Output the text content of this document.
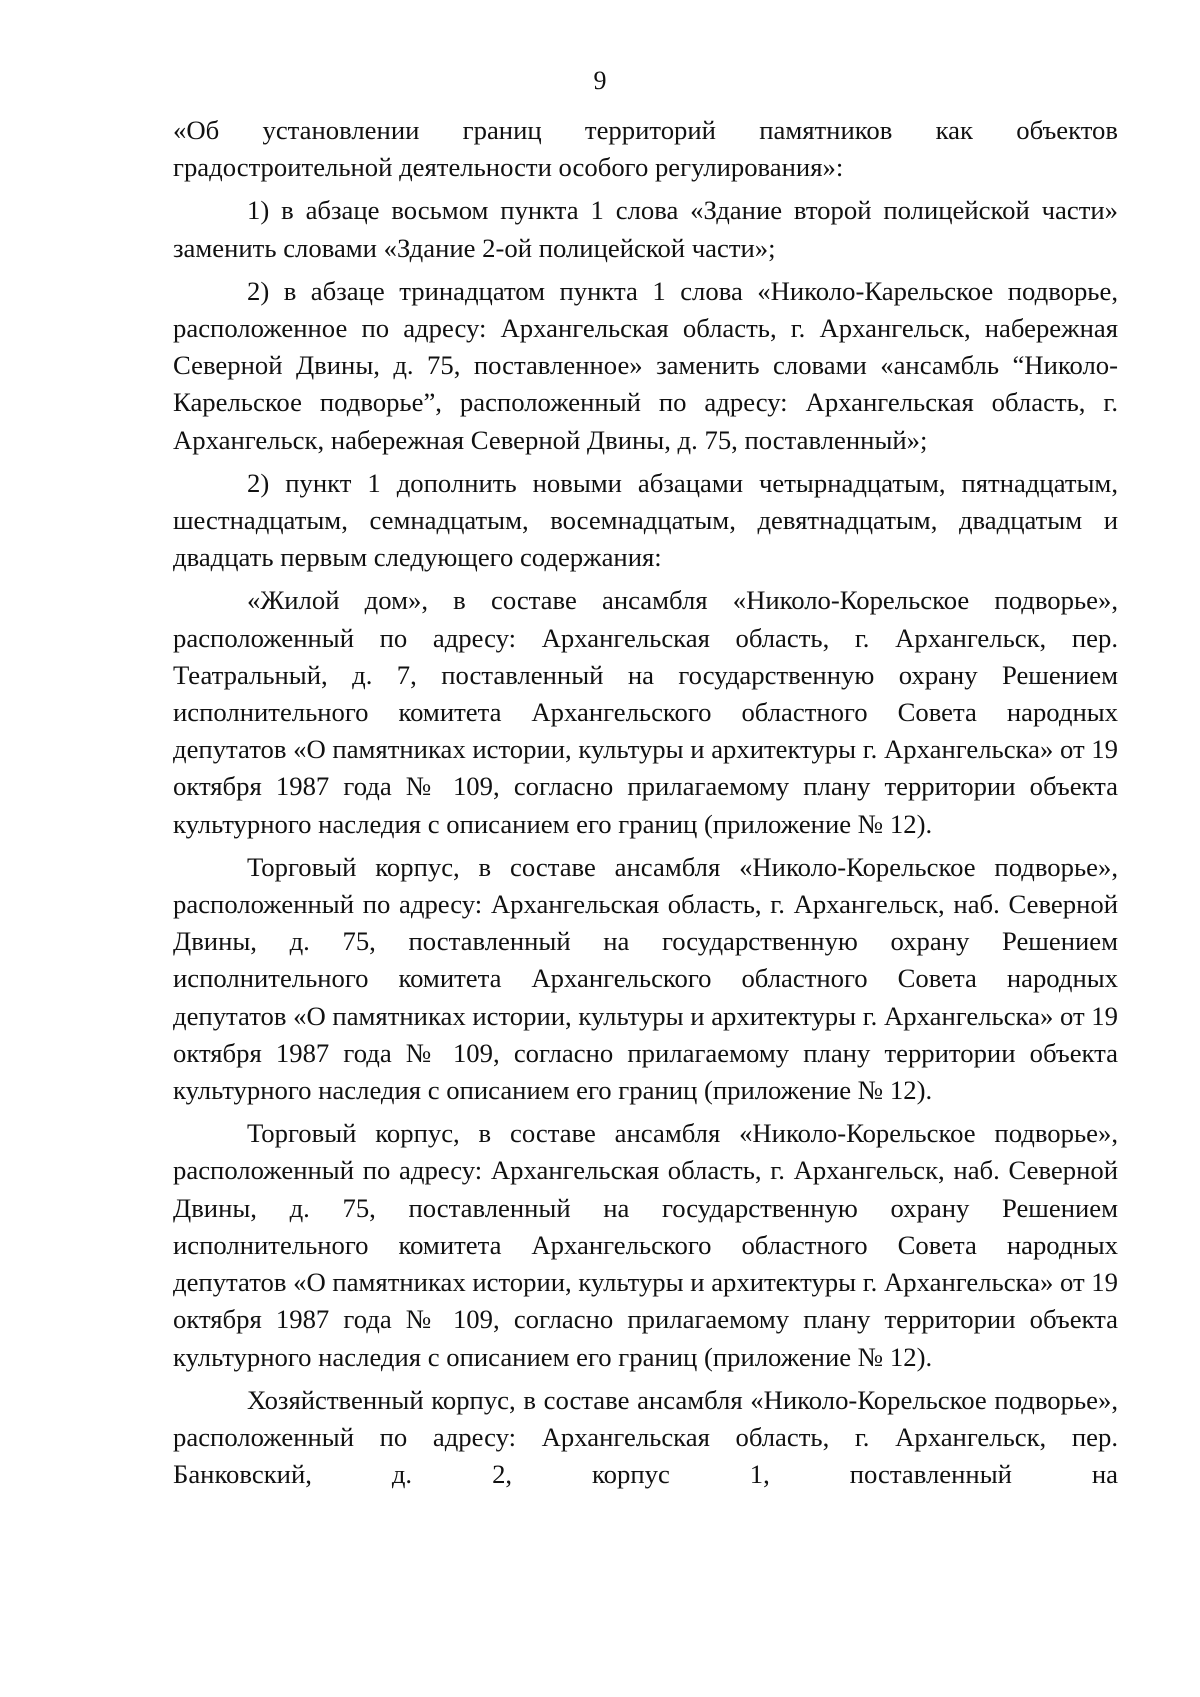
9

«Об установлении границ территорий памятников как объектов градостроительной деятельности особого регулирования»:

1) в абзаце восьмом пункта 1 слова «Здание второй полицейской части» заменить словами «Здание 2-ой полицейской части»;

2) в абзаце тринадцатом пункта 1 слова «Николо-Карельское подворье, расположенное по адресу: Архангельская область, г. Архангельск, набережная Северной Двины, д. 75, поставленное» заменить словами «ансамбль “Николо-Карельское подворье”, расположенный по адресу: Архангельская область, г. Архангельск, набережная Северной Двины, д. 75, поставленный»;

2) пункт 1 дополнить новыми абзацами четырнадцатым, пятнадцатым, шестнадцатым, семнадцатым, восемнадцатым, девятнадцатым, двадцатым и двадцать первым следующего содержания:

«Жилой дом», в составе ансамбля «Николо-Корельское подворье», расположенный по адресу: Архангельская область, г. Архангельск, пер. Театральный, д. 7, поставленный на государственную охрану Решением исполнительного комитета Архангельского областного Совета народных депутатов «О памятниках истории, культуры и архитектуры г. Архангельска» от 19 октября 1987 года № 109, согласно прилагаемому плану территории объекта культурного наследия с описанием его границ (приложение № 12).

Торговый корпус, в составе ансамбля «Николо-Корельское подворье», расположенный по адресу: Архангельская область, г. Архангельск, наб. Северной Двины, д. 75, поставленный на государственную охрану Решением исполнительного комитета Архангельского областного Совета народных депутатов «О памятниках истории, культуры и архитектуры г. Архангельска» от 19 октября 1987 года № 109, согласно прилагаемому плану территории объекта культурного наследия с описанием его границ (приложение № 12).

Торговый корпус, в составе ансамбля «Николо-Корельское подворье», расположенный по адресу: Архангельская область, г. Архангельск, наб. Северной Двины, д. 75, поставленный на государственную охрану Решением исполнительного комитета Архангельского областного Совета народных депутатов «О памятниках истории, культуры и архитектуры г. Архангельска» от 19 октября 1987 года № 109, согласно прилагаемому плану территории объекта культурного наследия с описанием его границ (приложение № 12).

Хозяйственный корпус, в составе ансамбля «Николо-Корельское подворье», расположенный по адресу: Архангельская область, г. Архангельск, пер. Банковский, д. 2, корпус 1, поставленный на
